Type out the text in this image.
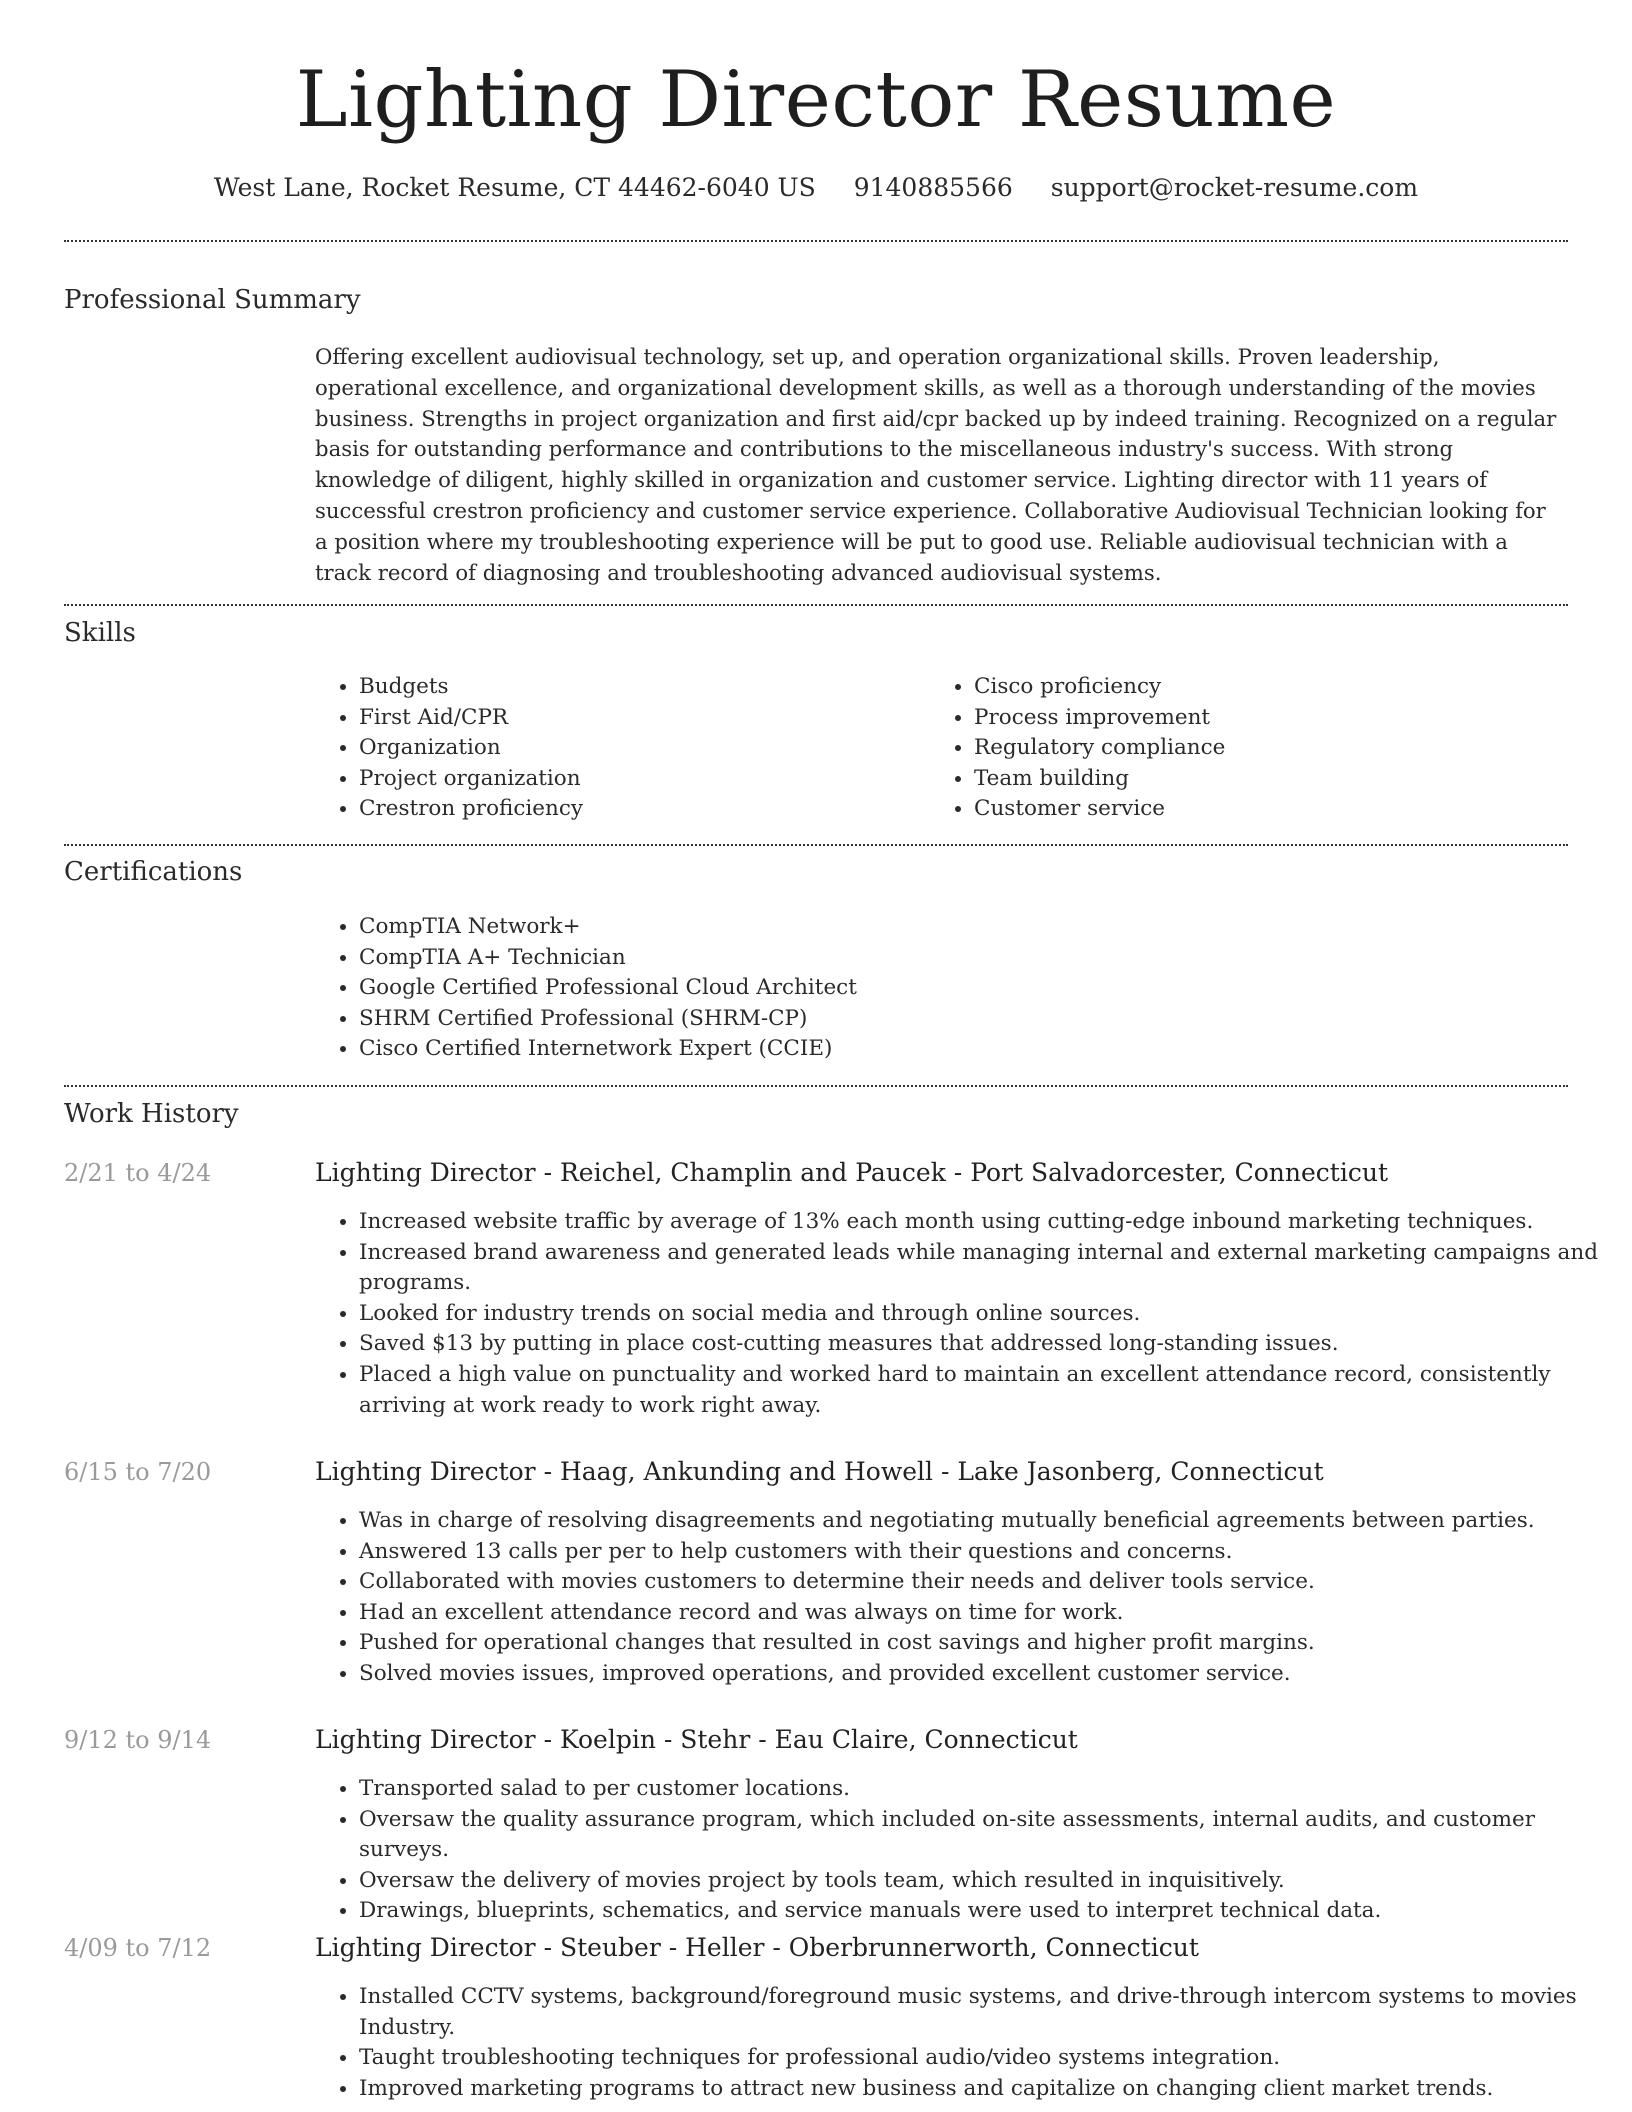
Lighting Director Resume
West Lane, Rocket Resume, CT 44462-6040 US 9140885566 support@rocket-resume.com
Professional Summary

Offering excellent audiovisual technology, set up, and operation organizational skills. Proven leadership, operational excellence, and organizational development skills, as well as a thorough understanding of the movies business. Strengths in project organization and first aid/cpr backed up by indeed training. Recognized on a regular basis for outstanding performance and contributions to the miscellaneous industry's success. With strong knowledge of diligent, highly skilled in organization and customer service. Lighting director with 11 years of successful crestron proficiency and customer service experience. Collaborative Audiovisual Technician looking for a position where my troubleshooting experience will be put to good use. Reliable audiovisual technician with a track record of diagnosing and troubleshooting advanced audiovisual systems.

Skills
• Budgets
• First Aid/CPR
• Organization
• Project organization
• Crestron proficiency
• Cisco proficiency
• Process improvement
• Regulatory compliance
• Team building
• Customer service
Certifications
• CompTIA Network+
• CompTIA A+ Technician
• Google Certified Professional Cloud Architect
• SHRM Certified Professional (SHRM-CP)
• Cisco Certified Internetwork Expert (CCIE)
Work History
2/21 to 4/24	Lighting Director - Reichel, Champlin and Paucek - Port Salvadorcester, Connecticut
• Increased website traffic by average of 13% each month using cutting-edge inbound marketing techniques.
• Increased brand awareness and generated leads while managing internal and external marketing campaigns and programs.
• Looked for industry trends on social media and through online sources.
• Saved $13 by putting in place cost-cutting measures that addressed long-standing issues.
• Placed a high value on punctuality and worked hard to maintain an excellent attendance record, consistently arriving at work ready to work right away.
6/15 to 7/20	Lighting Director - Haag, Ankunding and Howell - Lake Jasonberg, Connecticut
• Was in charge of resolving disagreements and negotiating mutually beneficial agreements between parties.
• Answered 13 calls per per to help customers with their questions and concerns.
• Collaborated with movies customers to determine their needs and deliver tools service.
• Had an excellent attendance record and was always on time for work.
• Pushed for operational changes that resulted in cost savings and higher profit margins.
• Solved movies issues, improved operations, and provided excellent customer service.
9/12 to 9/14	Lighting Director - Koelpin - Stehr - Eau Claire, Connecticut
• Transported salad to per customer locations.
• Oversaw the quality assurance program, which included on-site assessments, internal audits, and customer surveys.
• Oversaw the delivery of movies project by tools team, which resulted in inquisitively.
• Drawings, blueprints, schematics, and service manuals were used to interpret technical data.
4/09 to 7/12	Lighting Director - Steuber - Heller - Oberbrunnerworth, Connecticut
• Installed CCTV systems, background/foreground music systems, and drive-through intercom systems to movies Industry.
• Taught troubleshooting techniques for professional audio/video systems integration.
• Improved marketing programs to attract new business and capitalize on changing client market trends.
